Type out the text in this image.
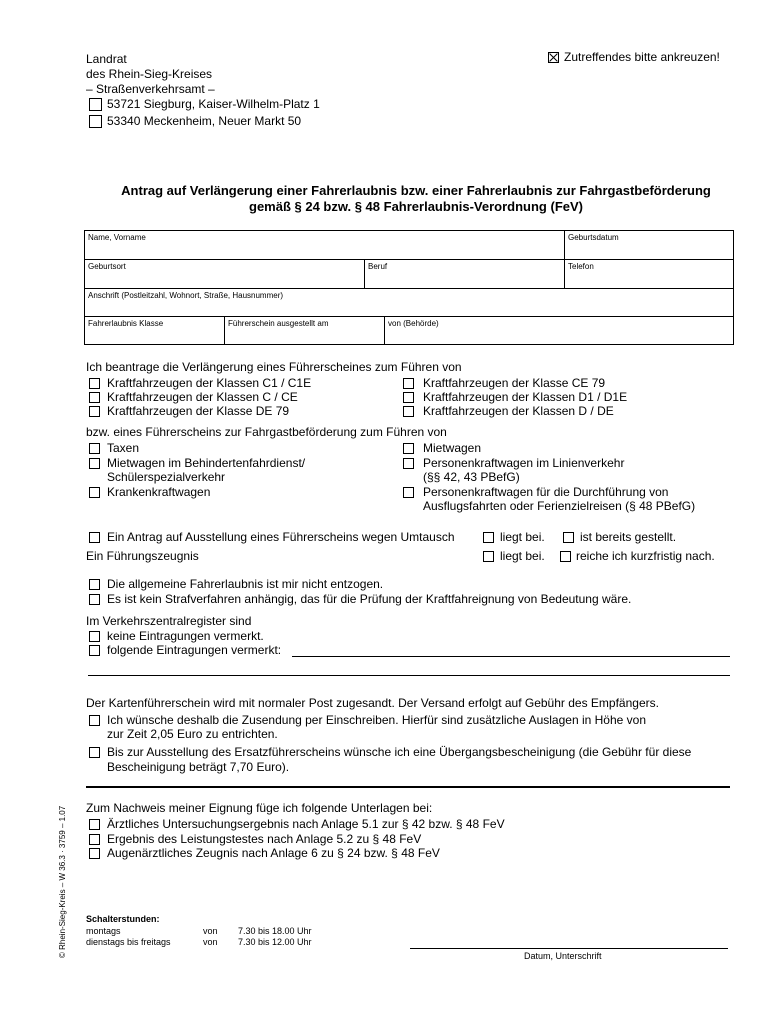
Landrat
des Rhein-Sieg-Kreises
– Straßenverkehrsamt –
53721 Siegburg, Kaiser-Wilhelm-Platz 1
53340 Meckenheim, Neuer Markt 50
Zutreffendes bitte ankreuzen!
Antrag auf Verlängerung einer Fahrerlaubnis bzw. einer Fahrerlaubnis zur Fahrgastbeförderung
gemäß § 24 bzw. § 48 Fahrerlaubnis-Verordnung (FeV)
Name, Vorname	Geburtsdatum
Geburtsort	Beruf	Telefon
Anschrift (Postleitzahl, Wohnort, Straße, Hausnummer)
Fahrerlaubnis Klasse	Führerschein ausgestellt am	von (Behörde)
Ich beantrage die Verlängerung eines Führerscheines zum Führen von
Kraftfahrzeugen der Klassen C1 / C1E
Kraftfahrzeugen der Klassen C / CE
Kraftfahrzeugen der Klasse DE 79
Kraftfahrzeugen der Klasse CE 79
Kraftfahrzeugen der Klassen D1 / D1E
Kraftfahrzeugen der Klassen D / DE
bzw. eines Führerscheins zur Fahrgastbeförderung zum Führen von
Taxen
Mietwagen im Behindertenfahrdienst/
Schülerspezialverkehr
Krankenkraftwagen
Mietwagen
Personenkraftwagen im Linienverkehr
(§§ 42, 43 PBefG)
Personenkraftwagen für die Durchführung von
Ausflugsfahrten oder Ferienzielreisen (§ 48 PBefG)
Ein Antrag auf Ausstellung eines Führerscheins wegen Umtausch	liegt bei.	ist bereits gestellt.
Ein Führungszeugnis	liegt bei.	reiche ich kurzfristig nach.
Die allgemeine Fahrerlaubnis ist mir nicht entzogen.
Es ist kein Strafverfahren anhängig, das für die Prüfung der Kraftfahreignung von Bedeutung wäre.
Im Verkehrszentralregister sind
keine Eintragungen vermerkt.
folgende Eintragungen vermerkt:
Der Kartenführerschein wird mit normaler Post zugesandt. Der Versand erfolgt auf Gebühr des Empfängers.
Ich wünsche deshalb die Zusendung per Einschreiben. Hierfür sind zusätzliche Auslagen in Höhe von
zur Zeit 2,05 Euro zu entrichten.
Bis zur Ausstellung des Ersatzführerscheins wünsche ich eine Übergangsbescheinigung (die Gebühr für diese
Bescheinigung beträgt 7,70 Euro).
Zum Nachweis meiner Eignung füge ich folgende Unterlagen bei:
Ärztliches Untersuchungsergebnis nach Anlage 5.1 zur § 42 bzw. § 48 FeV
Ergebnis des Leistungstestes nach Anlage 5.2 zu § 48 FeV
Augenärztliches Zeugnis nach Anlage 6 zu § 24 bzw. § 48 FeV
Schalterstunden:
montags	von 7.30 bis 18.00 Uhr
dienstags bis freitags	von 7.30 bis 12.00 Uhr
Datum, Unterschrift
© Rhein-Sieg-Kreis – W 36.3 · 3759 – 1.07
